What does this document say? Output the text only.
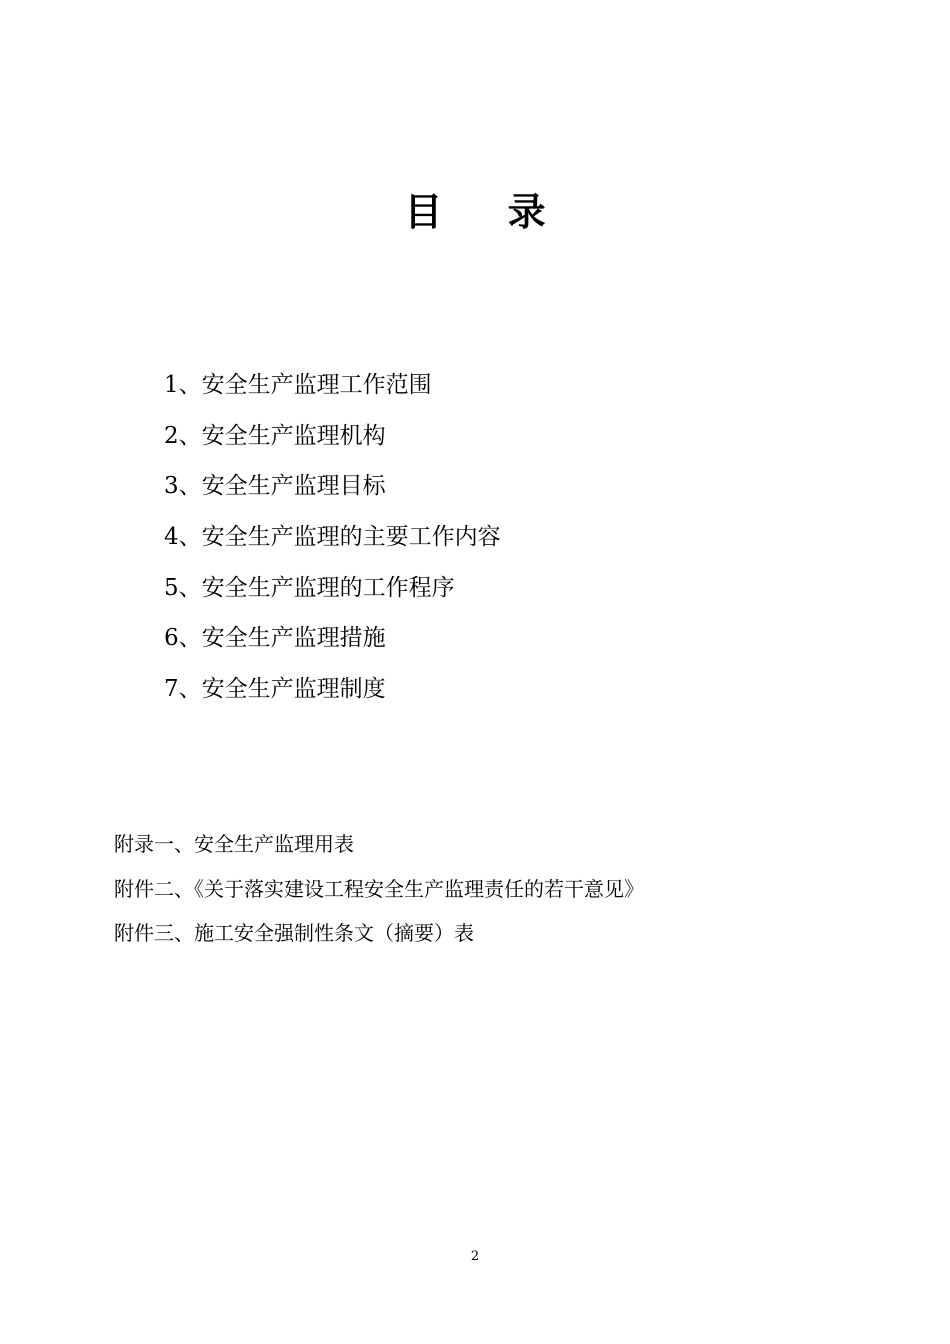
目 录
1、安全生产监理工作范围
2、安全生产监理机构
3、安全生产监理目标
4、安全生产监理的主要工作内容
5、安全生产监理的工作程序
6、安全生产监理措施
7、安全生产监理制度
附录一、安全生产监理用表
附件二、《关于落实建设工程安全生产监理责任的若干意见》
附件三、施工安全强制性条文（摘要）表
2
